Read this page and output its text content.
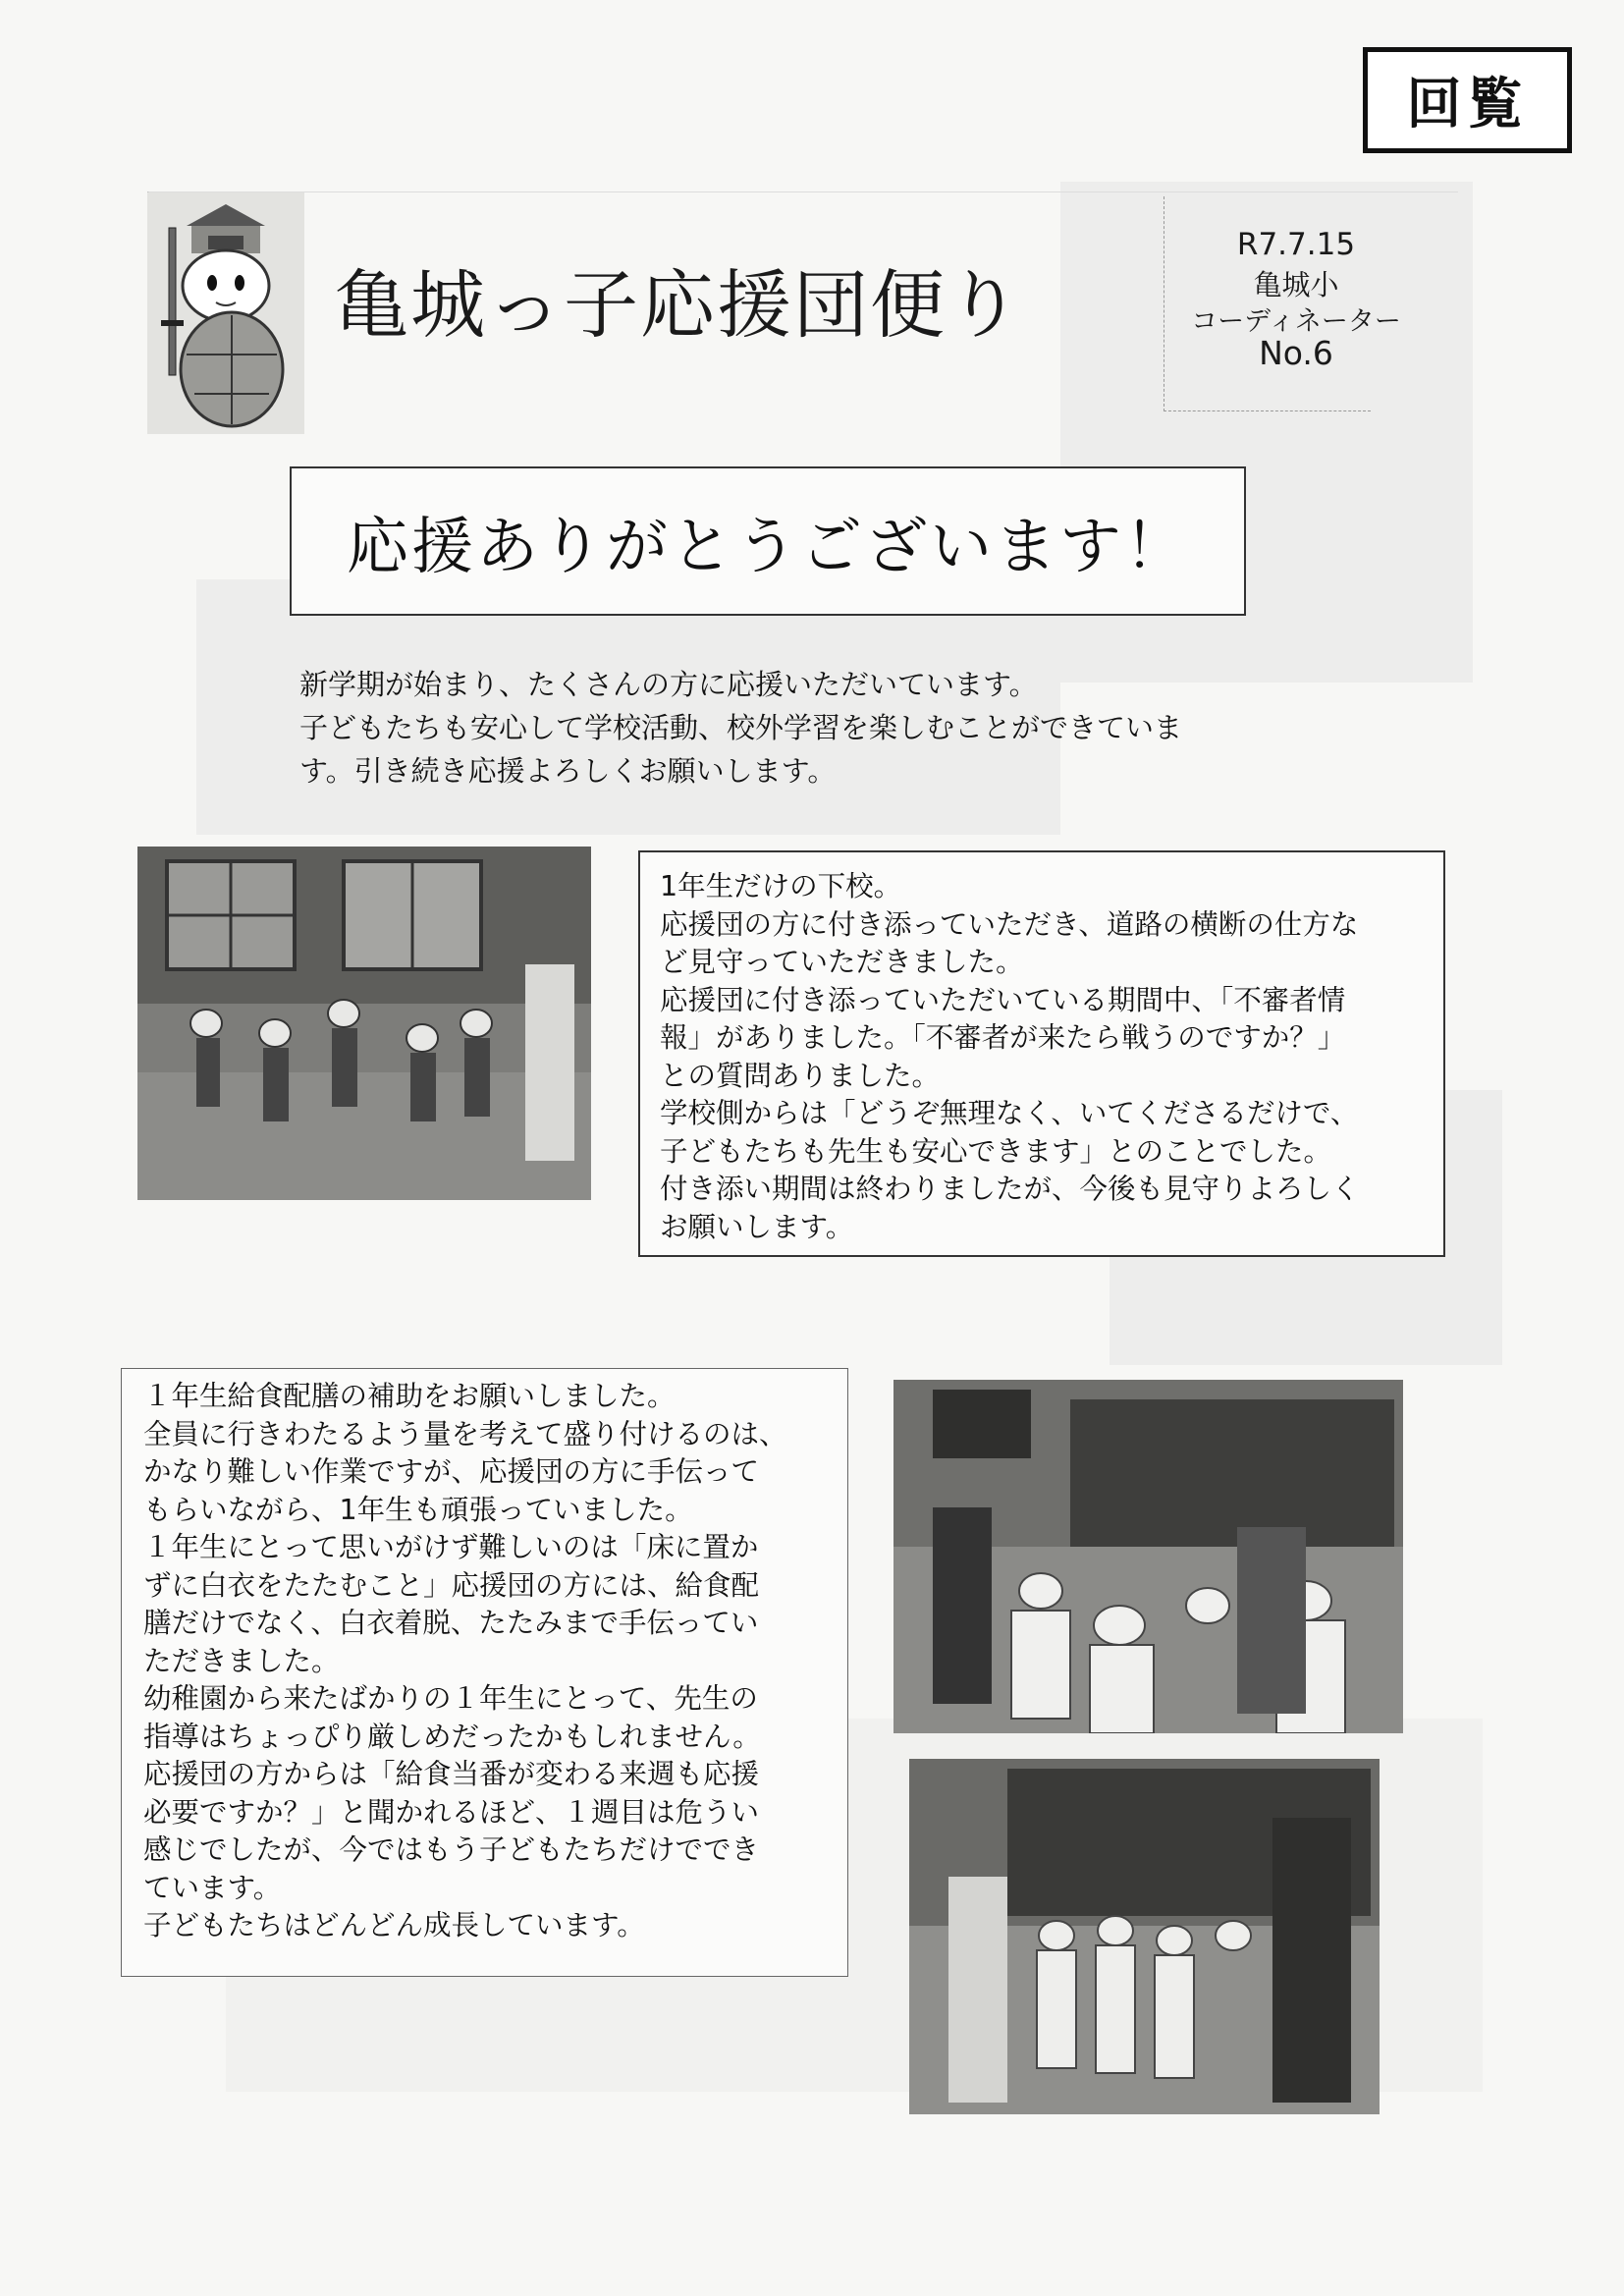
回覧
亀城っ子応援団便り
R7.7.15
亀城小
コーディネーター
No.6
応援ありがとうございます！
新学期が始まり、たくさんの方に応援いただいています。
子どもたちも安心して学校活動、校外学習を楽しむことができていま
す。引き続き応援よろしくお願いします。
1年生だけの下校。
応援団の方に付き添っていただき、道路の横断の仕方な
ど見守っていただきました。
応援団に付き添っていただいている期間中、「不審者情
報」がありました。「不審者が来たら戦うのですか？」
との質問ありました。
学校側からは「どうぞ無理なく、いてくださるだけで、
子どもたちも先生も安心できます」とのことでした。
付き添い期間は終わりましたが、今後も見守りよろしく
お願いします。
１年生給食配膳の補助をお願いしました。
全員に行きわたるよう量を考えて盛り付けるのは、
かなり難しい作業ですが、応援団の方に手伝って
もらいながら、1年生も頑張っていました。
１年生にとって思いがけず難しいのは「床に置か
ずに白衣をたたむこと」応援団の方には、給食配
膳だけでなく、白衣着脱、たたみまで手伝ってい
ただきました。
幼稚園から来たばかりの１年生にとって、先生の
指導はちょっぴり厳しめだったかもしれません。
応援団の方からは「給食当番が変わる来週も応援
必要ですか？」と聞かれるほど、１週目は危うい
感じでしたが、今ではもう子どもたちだけででき
ています。
子どもたちはどんどん成長しています。
